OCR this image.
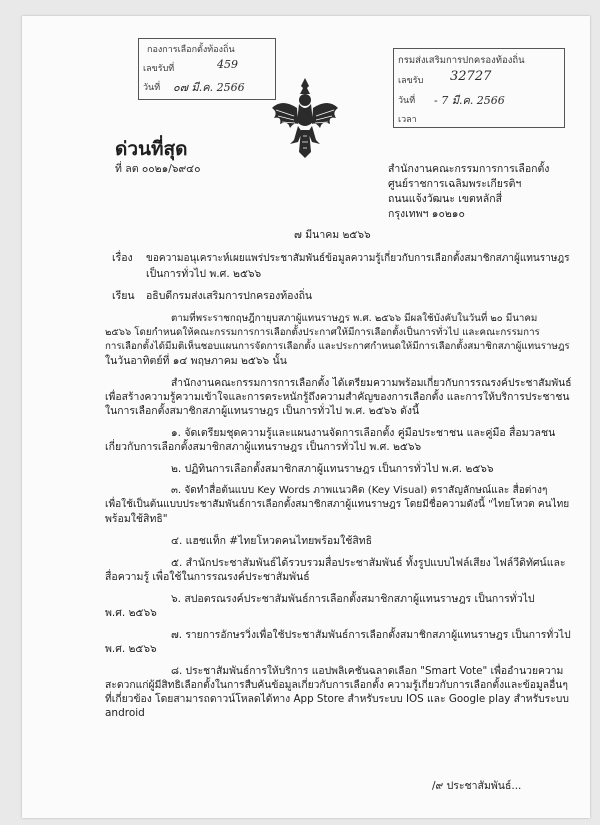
กองการเลือกตั้งท้องถิ่น
เลขรับที่	459
วันที่ ๐๗ มี.ค. 2566
กรมส่งเสริมการปกครองท้องถิ่น
เลขรับ 32727
วันที่ - 7 มี.ค. 2566
เวลา
ด่วนที่สุด
ที่ ลต ๐๐๒๑/๖๙๔๐	สำนักงานคณะกรรมการการเลือกตั้ง
ศูนย์ราชการเฉลิมพระเกียรติฯ
ถนนแจ้งวัฒนะ เขตหลักสี่
กรุงเทพฯ ๑๐๒๑๐
๗ มีนาคม ๒๕๖๖
เรื่อง ขอความอนุเคราะห์เผยแพร่ประชาสัมพันธ์ข้อมูลความรู้เกี่ยวกับการเลือกตั้งสมาชิกสภาผู้แทนราษฎร
เป็นการทั่วไป พ.ศ. ๒๕๖๖
เรียน อธิบดีกรมส่งเสริมการปกครองท้องถิ่น
ตามที่พระราชกฤษฎีกายุบสภาผู้แทนราษฎร พ.ศ. ๒๕๖๖ มีผลใช้บังคับในวันที่ ๒๐ มีนาคม
๒๕๖๖ โดยกำหนดให้คณะกรรมการการเลือกตั้งประกาศให้มีการเลือกตั้งเป็นการทั่วไป และคณะกรรมการ
การเลือกตั้งได้มีมติเห็นชอบแผนการจัดการเลือกตั้ง และประกาศกำหนดให้มีการเลือกตั้งสมาชิกสภาผู้แทนราษฎร
ในวันอาทิตย์ที่ ๑๔ พฤษภาคม ๒๕๖๖ นั้น
สำนักงานคณะกรรมการการเลือกตั้ง ได้เตรียมความพร้อมเกี่ยวกับการรณรงค์ประชาสัมพันธ์
เพื่อสร้างความรู้ความเข้าใจและการตระหนักรู้ถึงความสำคัญของการเลือกตั้ง และการให้บริการประชาชน
ในการเลือกตั้งสมาชิกสภาผู้แทนราษฎร เป็นการทั่วไป พ.ศ. ๒๕๖๖ ดังนี้
๑. จัดเตรียมชุดความรู้และแผนงานจัดการเลือกตั้ง คู่มือประชาชน และคู่มือ สื่อมวลชน
เกี่ยวกับการเลือกตั้งสมาชิกสภาผู้แทนราษฎร เป็นการทั่วไป พ.ศ. ๒๕๖๖
๒. ปฏิทินการเลือกตั้งสมาชิกสภาผู้แทนราษฎร เป็นการทั่วไป พ.ศ. ๒๕๖๖
๓. จัดทำสื่อต้นแบบ Key Words ภาพแนวคิด (Key Visual) ตราสัญลักษณ์และ สื่อต่างๆ
เพื่อใช้เป็นต้นแบบประชาสัมพันธ์การเลือกตั้งสมาชิกสภาผู้แทนราษฎร โดยมีชื่อความดังนี้ "ไทยโหวต คนไทย
พร้อมใช้สิทธิ"
๔. แฮชแท็ก #ไทยโหวตคนไทยพร้อมใช้สิทธิ
๕. สำนักประชาสัมพันธ์ได้รวบรวมสื่อประชาสัมพันธ์ ทั้งรูปแบบไฟล์เสียง ไฟล์วีดิทัศน์และ
สื่อความรู้ เพื่อใช้ในการรณรงค์ประชาสัมพันธ์
๖. สปอตรณรงค์ประชาสัมพันธ์การเลือกตั้งสมาชิกสภาผู้แทนราษฎร เป็นการทั่วไป
พ.ศ. ๒๕๖๖
๗. รายการอักษรวิ่งเพื่อใช้ประชาสัมพันธ์การเลือกตั้งสมาชิกสภาผู้แทนราษฎร เป็นการทั่วไป
พ.ศ. ๒๕๖๖
๘. ประชาสัมพันธ์การให้บริการ แอปพลิเคชันฉลาดเลือก "Smart Vote" เพื่ออำนวยความ
สะดวกแก่ผู้มีสิทธิเลือกตั้งในการสืบค้นข้อมูลเกี่ยวกับการเลือกตั้ง ความรู้เกี่ยวกับการเลือกตั้งและข้อมูลอื่นๆ
ที่เกี่ยวข้อง โดยสามารถดาวน์โหลดได้ทาง App Store สำหรับระบบ IOS และ Google play สำหรับระบบ
android
/๙ ประชาสัมพันธ์...
